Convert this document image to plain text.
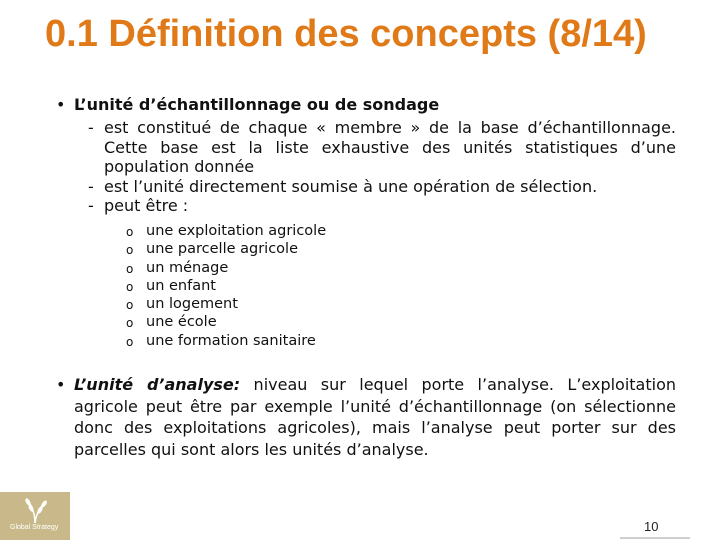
0.1 Définition des concepts (8/14)
• L’unité d’échantillonnage ou de sondage
- est constitué de chaque « membre » de la base d’échantillonnage. Cette base est la liste exhaustive des unités statistiques d’une population donnée
- est l’unité directement soumise à une opération de sélection.
- peut être :
o une exploitation agricole
o une parcelle agricole
o un ménage
o un enfant
o un logement
o une école
o une formation sanitaire
• L’unité d’analyse: niveau sur lequel porte l’analyse. L’exploitation agricole peut être par exemple l’unité d’échantillonnage (on sélectionne donc des exploitations agricoles), mais l’analyse peut porter sur des parcelles qui sont alors les unités d’analyse.

Global Strategy	10
